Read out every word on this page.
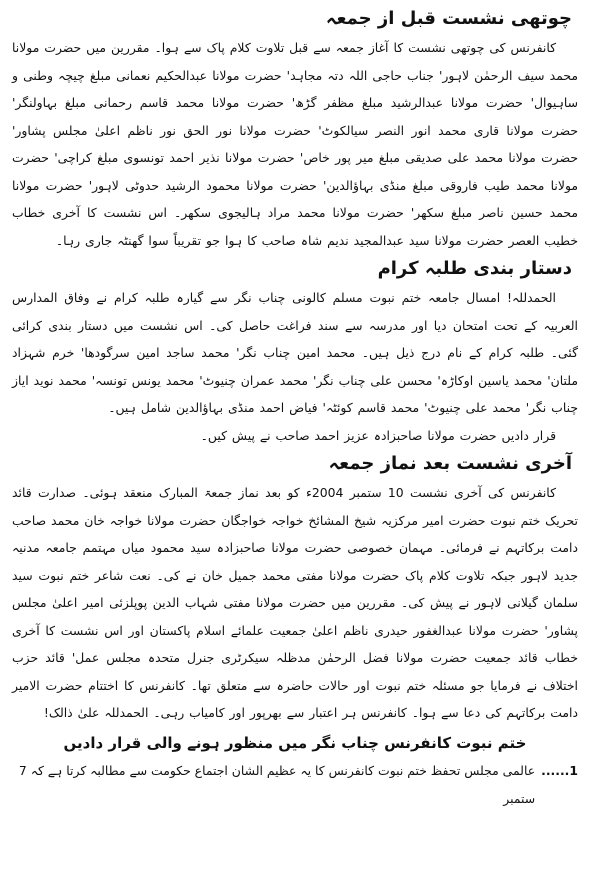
چوتھی نشست قبل از جمعہ

کانفرنس کی چوتھی نشست کا آغاز جمعہ سے قبل تلاوت کلام پاک سے ہوا۔ مقررین میں حضرت مولانا محمد سیف الرحمٰن لاہور' جناب حاجی اللہ دتہ مجاہد' حضرت مولانا عبدالحکیم نعمانی مبلغ چیچہ وطنی و ساہیوال' حضرت مولانا عبدالرشید مبلغ مظفر گڑھ' حضرت مولانا محمد قاسم رحمانی مبلغ بہاولنگر' حضرت مولانا قاری محمد انور النصر سیالکوٹ' حضرت مولانا نور الحق نور ناظم اعلیٰ مجلس پشاور' حضرت مولانا محمد علی صدیقی مبلغ میر پور خاص' حضرت مولانا نذیر احمد تونسوی مبلغ کراچی' حضرت مولانا محمد طیب فاروقی مبلغ منڈی بہاؤالدین' حضرت مولانا محمود الرشید حدوٹی لاہور' حضرت مولانا محمد حسین ناصر مبلغ سکھر' حضرت مولانا محمد مراد ہالیجوی سکھر۔ اس نشست کا آخری خطاب خطیب العصر حضرت مولانا سید عبدالمجید ندیم شاہ صاحب کا ہوا جو تقریباً سوا گھنٹہ جاری رہا۔

دستار بندی طلبہ کرام

الحمدللہ! امسال جامعہ ختم نبوت مسلم کالونی چناب نگر سے گیارہ طلبہ کرام نے وفاق المدارس العربیہ کے تحت امتحان دیا اور مدرسہ سے سند فراغت حاصل کی۔ اس نشست میں دستار بندی کرائی گئی۔ طلبہ کرام کے نام درج ذیل ہیں۔ محمد امین چناب نگر' محمد ساجد امین سرگودھا' خرم شہزاد ملتان' محمد یاسین اوکاڑہ' محسن علی چناب نگر' محمد عمران چنیوٹ' محمد یونس تونسہ' محمد نوید ایاز چناب نگر' محمد علی چنیوٹ' محمد قاسم کوئٹہ' فیاض احمد منڈی بہاؤالدین شامل ہیں۔

قرار دادیں حضرت مولانا صاحبزادہ عزیز احمد صاحب نے پیش کیں۔

آخری نشست بعد نماز جمعہ

کانفرنس کی آخری نشست 10 ستمبر 2004ء کو بعد نماز جمعۃ المبارک منعقد ہوئی۔ صدارت قائد تحریک ختم نبوت حضرت امیر مرکزیہ شیخ المشائخ خواجہ خواجگان حضرت مولانا خواجہ خان محمد صاحب دامت برکاتہم نے فرمائی۔ مہمان خصوصی حضرت مولانا صاحبزادہ سید محمود میاں مہتمم جامعہ مدنیہ جدید لاہور جبکہ تلاوت کلام پاک حضرت مولانا مفتی محمد جمیل خان نے کی۔ نعت شاعر ختم نبوت سید سلمان گیلانی لاہور نے پیش کی۔ مقررین میں حضرت مولانا مفتی شہاب الدین پوپلزئی امیر اعلیٰ مجلس پشاور' حضرت مولانا عبدالغفور حیدری ناظم اعلیٰ جمعیت علمائے اسلام پاکستان اور اس نشست کا آخری خطاب قائد جمعیت حضرت مولانا فضل الرحمٰن مدظلہ سیکرٹری جنرل متحدہ مجلس عمل' قائد حزب اختلاف نے فرمایا جو مسئلہ ختم نبوت اور حالات حاضرہ سے متعلق تھا۔ کانفرنس کا اختتام حضرت الامیر دامت برکاتہم کی دعا سے ہوا۔ کانفرنس ہر اعتبار سے بھرپور اور کامیاب رہی۔ الحمدللہ علیٰ ذالک!

ختم نبوت کانفرنس چناب نگر میں منظور ہونے والی قرار دادیں
1......
عالمی مجلس تحفظ ختم نبوت کانفرنس کا یہ عظیم الشان اجتماع حکومت سے مطالبہ کرتا ہے کہ 7 ستمبر
